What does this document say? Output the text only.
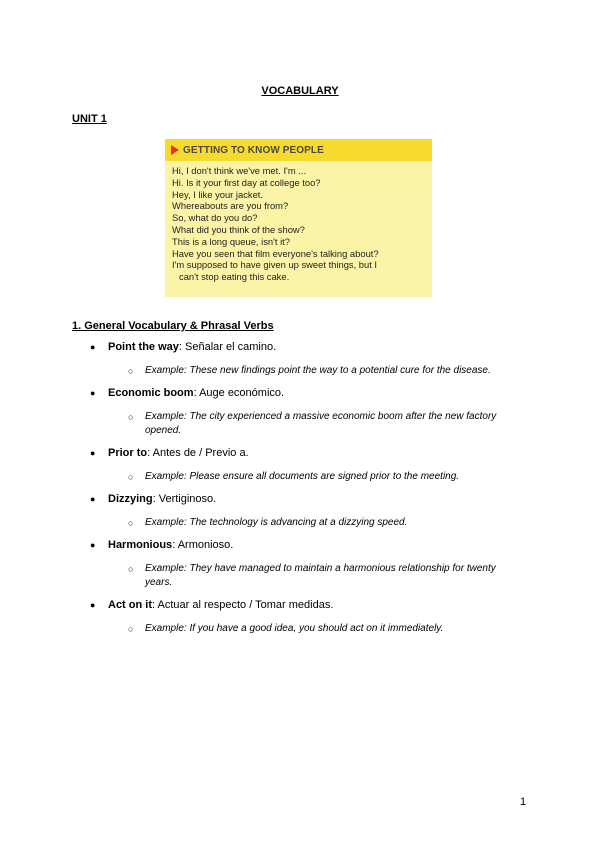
VOCABULARY
UNIT 1
GETTING TO KNOW PEOPLE
Hi, I don't think we've met. I'm ...
Hi. Is it your first day at college too?
Hey, I like your jacket.
Whereabouts are you from?
So, what do you do?
What did you think of the show?
This is a long queue, isn't it?
Have you seen that film everyone's talking about?
I'm supposed to have given up sweet things, but I
can't stop eating this cake.
1. General Vocabulary & Phrasal Verbs
● Point the way: Señalar el camino.
○ Example: These new findings point the way to a potential cure for the disease.
● Economic boom: Auge económico.
○ Example: The city experienced a massive economic boom after the new factory opened.
● Prior to: Antes de / Previo a.
○ Example: Please ensure all documents are signed prior to the meeting.
● Dizzying: Vertiginoso.
○ Example: The technology is advancing at a dizzying speed.
● Harmonious: Armonioso.
○ Example: They have managed to maintain a harmonious relationship for twenty years.
● Act on it: Actuar al respecto / Tomar medidas.
○ Example: If you have a good idea, you should act on it immediately.
1
